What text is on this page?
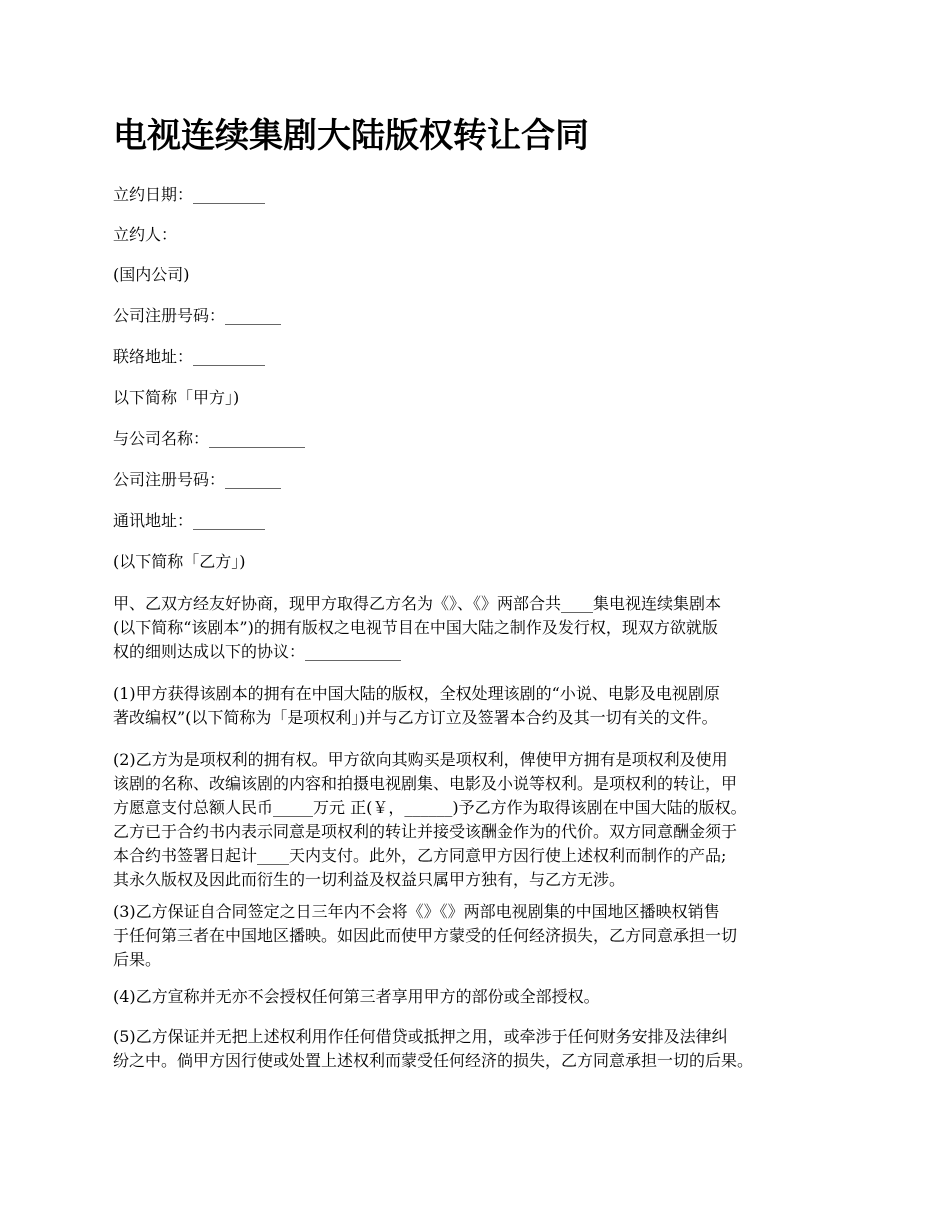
电视连续集剧大陆版权转让合同

立约日期：_________

立约人：

(国内公司)

公司注册号码：_______

联络地址：_________

以下简称「甲方」)

与公司名称：____________

公司注册号码：_______

通讯地址：_________

(以下简称「乙方」)

甲、乙双方经友好协商，现甲方取得乙方名为《》、《》两部合共____集电视连续集剧本
(以下简称“该剧本”)的拥有版权之电视节目在中国大陆之制作及发行权，现双方欲就版
权的细则达成以下的协议：____________
(1)甲方获得该剧本的拥有在中国大陆的版权，全权处理该剧的“小说、电影及电视剧原
著改编权”(以下简称为「是项权利」)并与乙方订立及签署本合约及其一切有关的文件。
(2)乙方为是项权利的拥有权。甲方欲向其购买是项权利，俾使甲方拥有是项权利及使用
该剧的名称、改编该剧的内容和拍摄电视剧集、电影及小说等权利。是项权利的转让，甲
方愿意支付总额人民币_____万元 正(￥，______)予乙方作为取得该剧在中国大陆的版权。
乙方已于合约书内表示同意是项权利的转让并接受该酬金作为的代价。双方同意酬金须于
本合约书签署日起计____天内支付。此外，乙方同意甲方因行使上述权利而制作的产品;
其永久版权及因此而衍生的一切利益及权益只属甲方独有，与乙方无涉。
(3)乙方保证自合同签定之日三年内不会将《》《》两部电视剧集的中国地区播映权销售
于任何第三者在中国地区播映。如因此而使甲方蒙受的任何经济损失，乙方同意承担一切
后果。
(4)乙方宣称并无亦不会授权任何第三者享用甲方的部份或全部授权。
(5)乙方保证并无把上述权利用作任何借贷或抵押之用，或牵涉于任何财务安排及法律纠
纷之中。倘甲方因行使或处置上述权利而蒙受任何经济的损失，乙方同意承担一切的后果。
